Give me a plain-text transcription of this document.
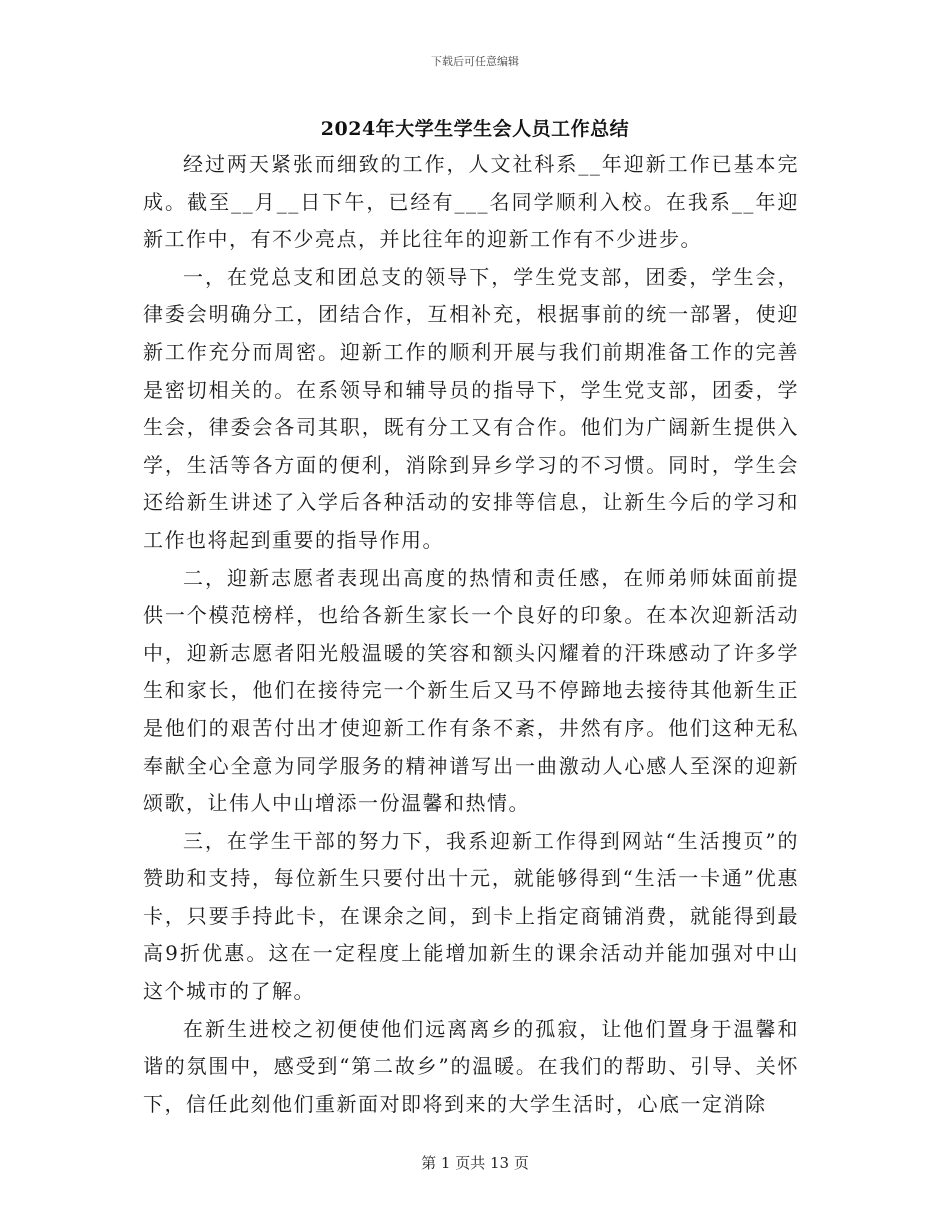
下载后可任意编辑
2024年大学生学生会人员工作总结

经过两天紧张而细致的工作，人文社科系__年迎新工作已基本完成。截至__月__日下午，已经有___名同学顺利入校。在我系__年迎新工作中，有不少亮点，并比往年的迎新工作有不少进步。

一，在党总支和团总支的领导下，学生党支部，团委，学生会，律委会明确分工，团结合作，互相补充，根据事前的统一部署，使迎新工作充分而周密。迎新工作的顺利开展与我们前期准备工作的完善是密切相关的。在系领导和辅导员的指导下，学生党支部，团委，学生会，律委会各司其职，既有分工又有合作。他们为广阔新生提供入学，生活等各方面的便利，消除到异乡学习的不习惯。同时，学生会还给新生讲述了入学后各种活动的安排等信息，让新生今后的学习和工作也将起到重要的指导作用。

二，迎新志愿者表现出高度的热情和责任感，在师弟师妹面前提供一个模范榜样，也给各新生家长一个良好的印象。在本次迎新活动中，迎新志愿者阳光般温暖的笑容和额头闪耀着的汗珠感动了许多学生和家长，他们在接待完一个新生后又马不停蹄地去接待其他新生正是他们的艰苦付出才使迎新工作有条不紊，井然有序。他们这种无私奉献全心全意为同学服务的精神谱写出一曲激动人心感人至深的迎新颂歌，让伟人中山增添一份温馨和热情。

三，在学生干部的努力下，我系迎新工作得到网站“生活搜页”的赞助和支持，每位新生只要付出十元，就能够得到“生活一卡通”优惠卡，只要手持此卡，在课余之间，到卡上指定商铺消费，就能得到最高9折优惠。这在一定程度上能增加新生的课余活动并能加强对中山这个城市的了解。

在新生进校之初便使他们远离离乡的孤寂，让他们置身于温馨和谐的氛围中，感受到“第二故乡”的温暖。在我们的帮助、引导、关怀下，信任此刻他们重新面对即将到来的大学生活时，心底一定消除

第 1 页共 13 页
